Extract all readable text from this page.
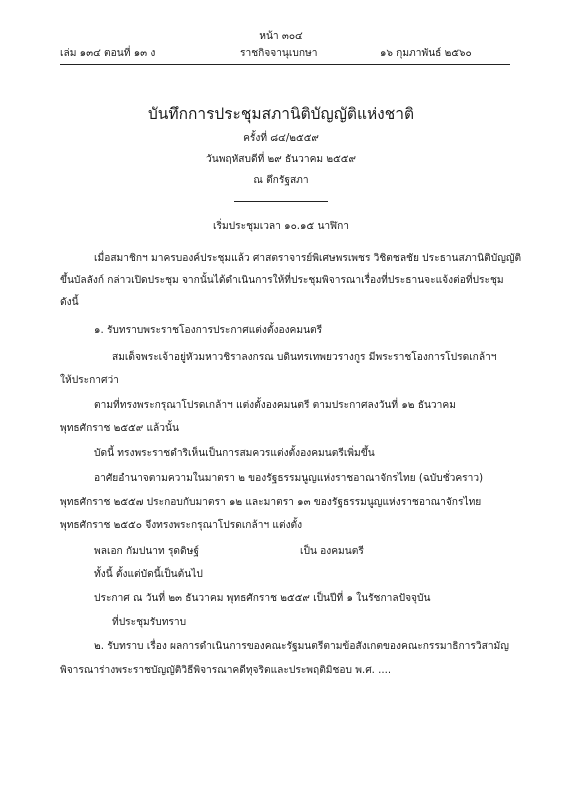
หน้า ๓๐๔
เล่ม ๑๓๔ ตอนที่ ๑๓ ง	ราชกิจจานุเบกษา	๑๖ กุมภาพันธ์ ๒๕๖๐
บันทึกการประชุมสภานิติบัญญัติแห่งชาติ
ครั้งที่ ๘๔/๒๕๕๙
วันพฤหัสบดีที่ ๒๙ ธันวาคม ๒๕๕๙
ณ ตึกรัฐสภา
เริ่มประชุมเวลา ๑๐.๑๕ นาฬิกา
เมื่อสมาชิกฯ มาครบองค์ประชุมแล้ว ศาสตราจารย์พิเศษพรเพชร วิชิตชลชัย ประธานสภานิติบัญญัติ
ขึ้นบัลลังก์ กล่าวเปิดประชุม จากนั้นได้ดำเนินการให้ที่ประชุมพิจารณาเรื่องที่ประธานจะแจ้งต่อที่ประชุม
ดังนี้
๑. รับทราบพระราชโองการประกาศแต่งตั้งองคมนตรี
สมเด็จพระเจ้าอยู่หัวมหาวชิราลงกรณ บดินทรเทพยวรางกูร มีพระราชโองการโปรดเกล้าฯ
ให้ประกาศว่า
ตามที่ทรงพระกรุณาโปรดเกล้าฯ แต่งตั้งองคมนตรี ตามประกาศลงวันที่ ๑๒ ธันวาคม
พุทธศักราช ๒๕๕๙ แล้วนั้น
บัดนี้ ทรงพระราชดำริเห็นเป็นการสมควรแต่งตั้งองคมนตรีเพิ่มขึ้น
อาศัยอำนาจตามความในมาตรา ๒ ของรัฐธรรมนูญแห่งราชอาณาจักรไทย (ฉบับชั่วคราว)
พุทธศักราช ๒๕๕๗ ประกอบกับมาตรา ๑๒ และมาตรา ๑๓ ของรัฐธรรมนูญแห่งราชอาณาจักรไทย
พุทธศักราช ๒๕๕๐ จึงทรงพระกรุณาโปรดเกล้าฯ แต่งตั้ง
พลเอก กัมปนาท รุดดิษฐ์	เป็น องคมนตรี
ทั้งนี้ ตั้งแต่บัดนี้เป็นต้นไป
ประกาศ ณ วันที่ ๒๓ ธันวาคม พุทธศักราช ๒๕๕๙ เป็นปีที่ ๑ ในรัชกาลปัจจุบัน
ที่ประชุมรับทราบ
๒. รับทราบ เรื่อง ผลการดำเนินการของคณะรัฐมนตรีตามข้อสังเกตของคณะกรรมาธิการวิสามัญ
พิจารณาร่างพระราชบัญญัติวิธีพิจารณาคดีทุจริตและประพฤติมิชอบ พ.ศ. ....
